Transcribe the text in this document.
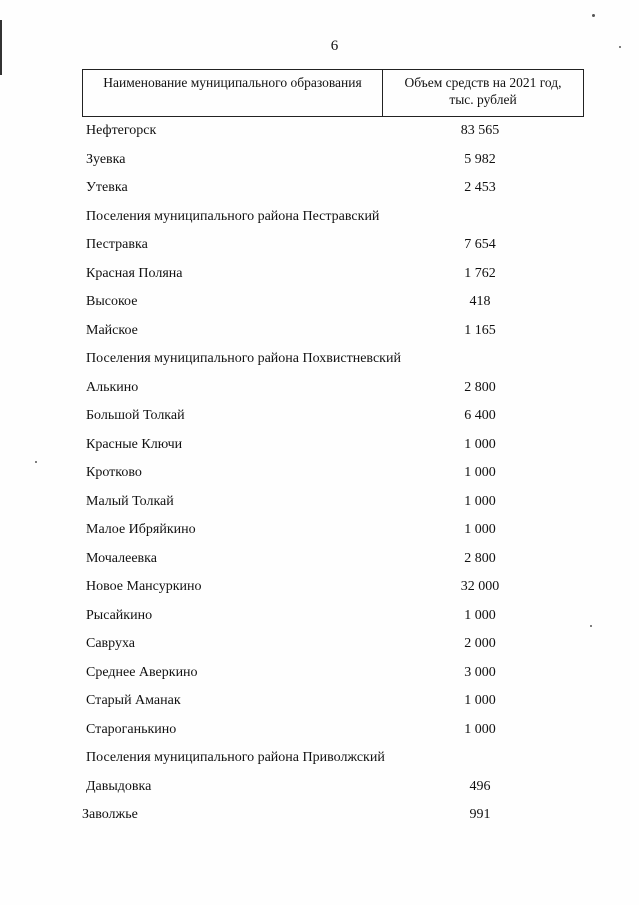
6
Наименование муниципального образования	Объем средств на 2021 год,
тыс. рублей
Нефтегорск	83 565
Зуевка	5 982
Утевка	2 453
Поселения муниципального района Пестравский
Пестравка	7 654
Красная Поляна	1 762
Высокое	418
Майское	1 165
Поселения муниципального района Похвистневский
Алькино	2 800
Большой Толкай	6 400
Красные Ключи	1 000
Кротково	1 000
Малый Толкай	1 000
Малое Ибряйкино	1 000
Мочалеевка	2 800
Новое Мансуркино	32 000
Рысайкино	1 000
Савруха	2 000
Среднее Аверкино	3 000
Старый Аманак	1 000
Староганькино	1 000
Поселения муниципального района Приволжский
Давыдовка	496
Заволжье	991
